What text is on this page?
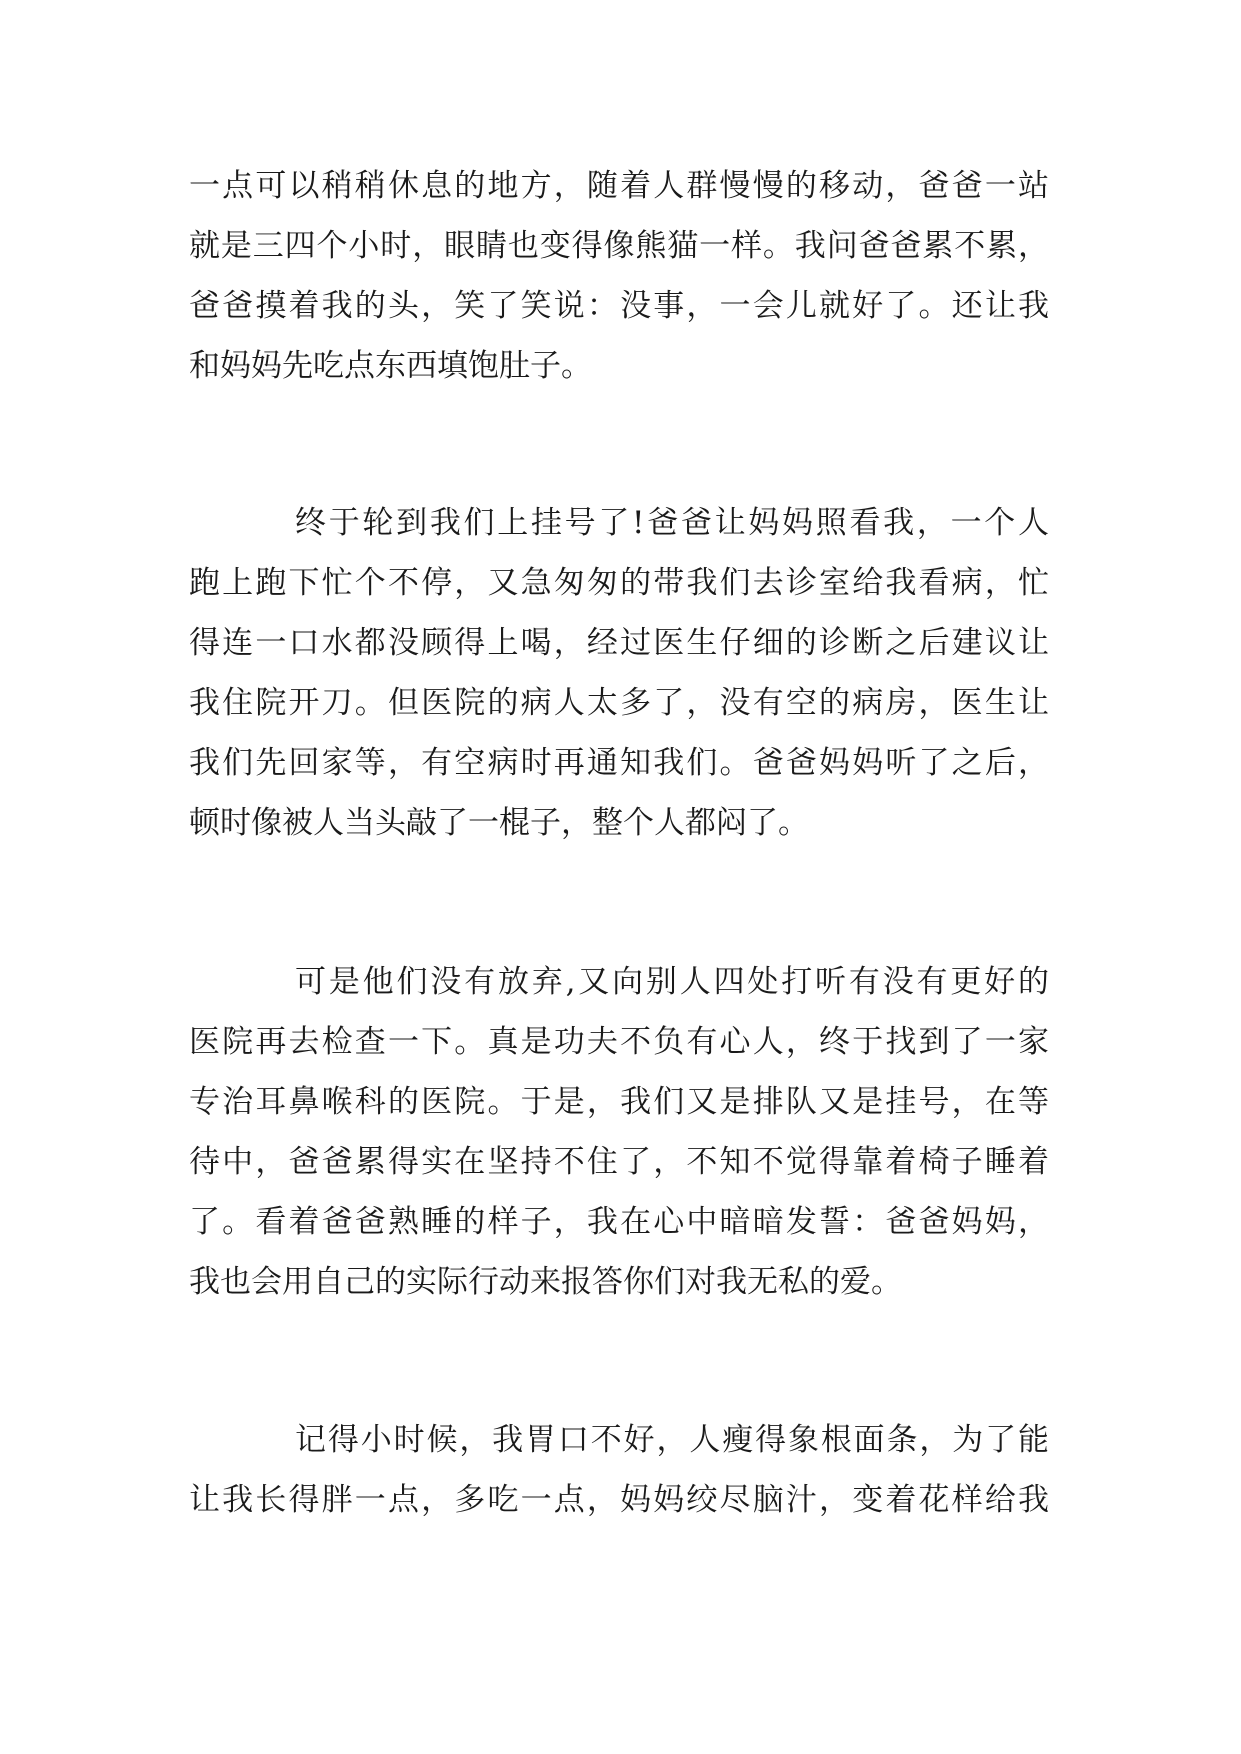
一点可以稍稍休息的地方，随着人群慢慢的移动，爸爸一站
就是三四个小时，眼睛也变得像熊猫一样。我问爸爸累不累，
爸爸摸着我的头，笑了笑说：没事，一会儿就好了。还让我
和妈妈先吃点东西填饱肚子。
终于轮到我们上挂号了!爸爸让妈妈照看我，一个人
跑上跑下忙个不停，又急匆匆的带我们去诊室给我看病，忙
得连一口水都没顾得上喝，经过医生仔细的诊断之后建议让
我住院开刀。但医院的病人太多了，没有空的病房，医生让
我们先回家等，有空病时再通知我们。爸爸妈妈听了之后，
顿时像被人当头敲了一棍子，整个人都闷了。
可是他们没有放弃,又向别人四处打听有没有更好的
医院再去检查一下。真是功夫不负有心人，终于找到了一家
专治耳鼻喉科的医院。于是，我们又是排队又是挂号，在等
待中，爸爸累得实在坚持不住了，不知不觉得靠着椅子睡着
了。看着爸爸熟睡的样子，我在心中暗暗发誓：爸爸妈妈，
我也会用自己的实际行动来报答你们对我无私的爱。
记得小时候，我胃口不好，人瘦得象根面条，为了能
让我长得胖一点，多吃一点，妈妈绞尽脑汁，变着花样给我
